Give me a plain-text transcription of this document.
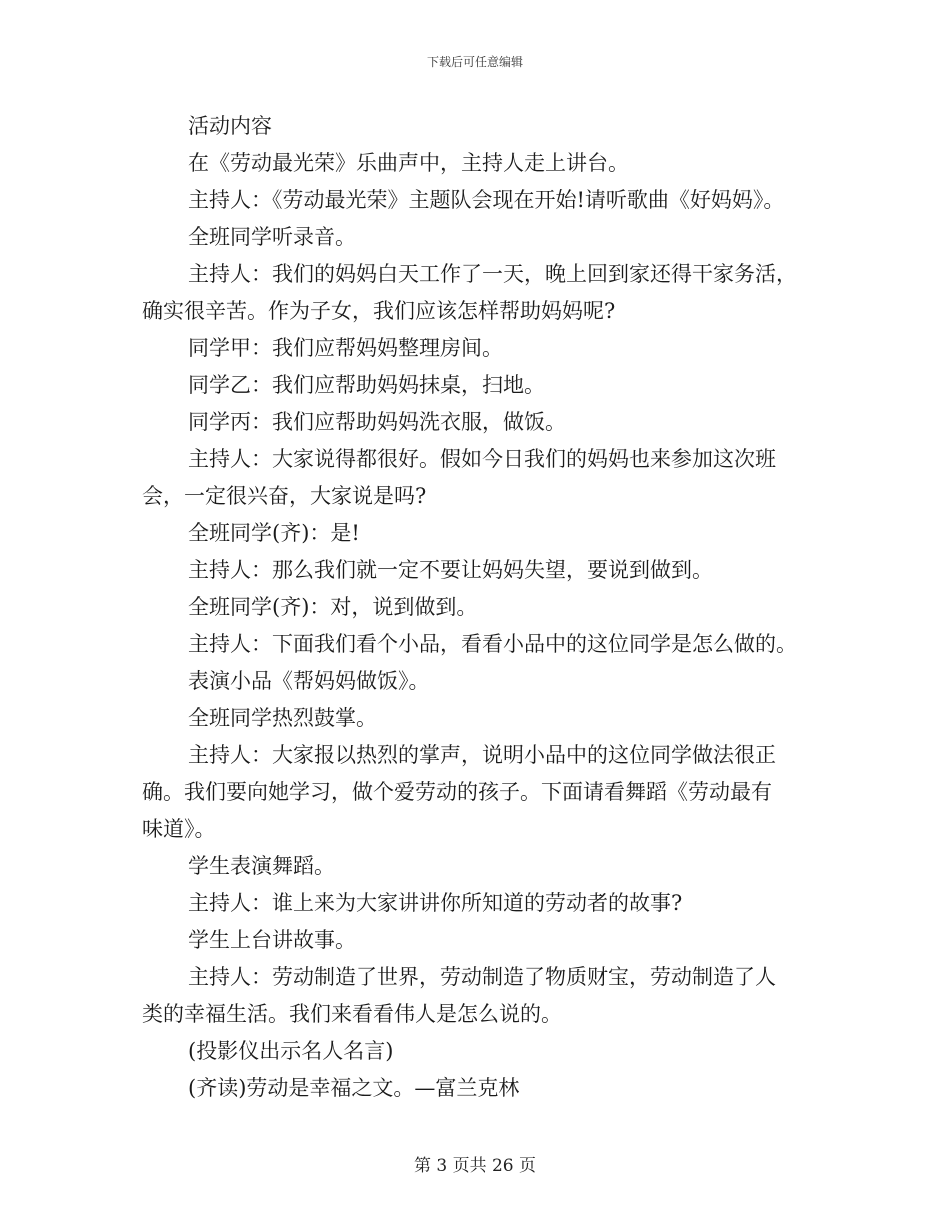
下载后可任意编辑

活动内容

在《劳动最光荣》乐曲声中，主持人走上讲台。

主持人：《劳动最光荣》主题队会现在开始!请听歌曲《好妈妈》。

全班同学听录音。

主持人：我们的妈妈白天工作了一天，晚上回到家还得干家务活，
确实很辛苦。作为子女，我们应该怎样帮助妈妈呢?

同学甲：我们应帮妈妈整理房间。

同学乙：我们应帮助妈妈抹桌，扫地。

同学丙：我们应帮助妈妈洗衣服，做饭。

主持人：大家说得都很好。假如今日我们的妈妈也来参加这次班
会，一定很兴奋，大家说是吗?

全班同学(齐)：是!

主持人：那么我们就一定不要让妈妈失望，要说到做到。

全班同学(齐)：对，说到做到。

主持人：下面我们看个小品，看看小品中的这位同学是怎么做的。

表演小品《帮妈妈做饭》。

全班同学热烈鼓掌。

主持人：大家报以热烈的掌声，说明小品中的这位同学做法很正
确。我们要向她学习，做个爱劳动的孩子。下面请看舞蹈《劳动最有
味道》。

学生表演舞蹈。

主持人：谁上来为大家讲讲你所知道的劳动者的故事?

学生上台讲故事。

主持人：劳动制造了世界，劳动制造了物质财宝，劳动制造了人
类的幸福生活。我们来看看伟人是怎么说的。

(投影仪出示名人名言)

(齐读)劳动是幸福之文。—富兰克林

第 3 页共 26 页
